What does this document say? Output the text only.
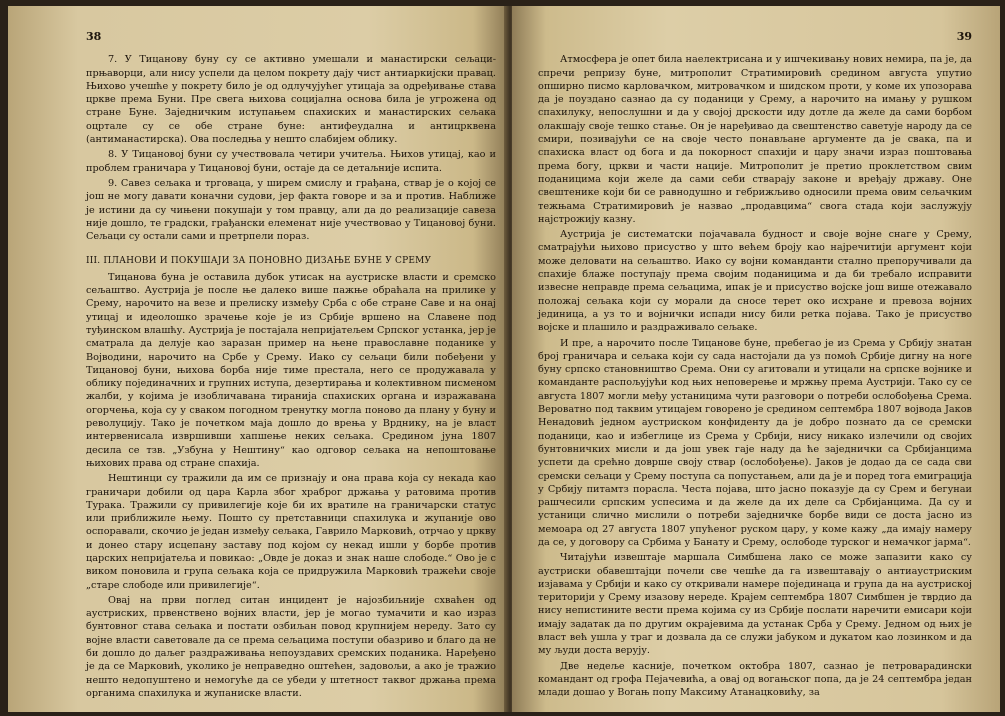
38

7. У Тицановy буну су се активно умешали и манастирски сељаци-прњаворци, али нису успели да целом покрету дају чист антиаркијски правац. Њихово учешће у покрету било је од одлучујућег утицаја за одређивање става цркве према Буни. Пре свега њихова социјална основа била је угрожена од стране Буне. Заједничким иступањем спахиских и манастирских сељака оцртале су се обе стране буне: антифеудална и антицрквена (антиманастирска). Ова последња у нешто слабијем облику.

8. У Тицановој буни су учествовала четири учитеља. Њихов утицај, као и проблем граничара у Тицановој буни, остаје да се детаљније испита.

9. Савез сељака и трговаца, у ширем смислу и грађана, ствар је о којој се још не могу давати коначни судови, јер факта говоре и за и против. Наближе је истини да су чињени покушаји у том правцу, али да до реализације савеза није дошло, те градски, грађански елеменат није учествовао у Тицановој буни. Сељаци су остали сами и претрпели пораз.

III. ПЛАНОВИ И ПОКУШАЈИ ЗА ПОНОВНО ДИЗАЊЕ БУНЕ У СРЕМУ

Тицанова буна је оставила дубок утисак на аустриске власти и сремско сељаштво. Аустрија је после ње далеко више пажње обраћала на прилике у Срему, нарочито на везе и прелиску између Срба с обе стране Саве и на онај утицај и идеолошко зрачење које је из Србије вршено на Славене под туђинском влашћу. Аустрија је постајала непријатељем Српског устанка, јер је сматрала да делује као заразан пример на њене православне поданике у Војводини, нарочито на Србе у Срему. Иако су сељаци били побеђени у Тицановој буни, њихова борба није тиме престала, него се продужавала у облику појединачних и групних иступа, дезертирања и колективном писменом жалби, у којима је изобличавана тиранија спахиских органа и изражавана огорчења, која су у сваком погодном тренутку могла поново да плану у буну и револуцију. Тако је почетком маја дошло до врења у Врднику, на је власт интервенисала извршивши хапшење неких сељака. Средином јуна 1807 десила се тзв. „Узбуна у Нештину“ као одговор сељака на непоштовање њихових права од стране спахија.

Нештинци су тражили да им се признају и она права која су некада као граничари добили од цара Карла због храброг држања у ратовима против Турака. Тражили су привилегије које би их вратиле на граничарски статус или приближиле њему. Пошто су претставници спахилука и жупаније ово оспоравали, скочио је један између сељака, Гаврило Марковић, отрчао у цркву и донео стару исцепану заставу под којом су некад ишли у борбе против царских непријатеља и повикао: „Овде је доказ и знак наше слободе.“ Ово је с виком поновила и група сељака која се придружила Марковић тражећи своје „старе слободе или привилегије“.

Овај на први поглед ситан инцидент је најозбиљније схваћен од аустриских, првенствено војних власти, јер је могао тумачити и као израз бунтовног става сељака и постати озбиљан повод крупнијем нереду. Зато су војне власти саветовале да се према сељацима поступи обазриво и благо да не би дошло до даљег раздраживања непоуздавих сремских поданика. Наређено је да се Марковић, уколико је неправедно оштећен, задовољи, а ако је тражио нешто недопуштено и немогуће да се убеди у штетност таквог држања према органима спахилука и жупаниске власти.

39

Атмосфера је опет била наелектрисана и у ишчекивању нових немира, па је, да спречи репризу буне, митрополит Стратимировић средином августа упутио опширно писмо карловачком, митровачком и шидском проти, у коме их упозорава да је поуздано сазнао да су поданици у Срему, а нарочито на имању у рушком спахилуку, непослушни и да у својој дрскости иду дотле да желе да сами борбом олакшају своје тешко стање. Он је наређивао да свештенство саветује народу да се смири, позивајући се на своје често понављане аргументе да је свака, па и спахиска власт од бога и да покорност спахији и цару значи израз поштовања према богу, цркви и части нације. Митрополит је претио проклетством свим поданицима који желе да сами себи стварају законе и вређају државу. Оне свештенике који би се равнодушно и гебрижљиво односили према овим сељачким тежњама Стратимировић је назвао „продавцима“ свога стада који заслужују најстрожију казну.

Аустрија је систематски појачавала будност и своје војне снаге у Срему, сматрајући њихово присуство у што већем броју као најречитији аргумент који може деловати на сељаштво. Иако су војни команданти стално препоручивали да спахије блаже поступају према својим поданицима и да би требало исправити извесне неправде према сељацима, ипак је и присуство војске још више отежавало положај сељака који су морали да сносе терет око исхране и превоза војних јединица, а уз то и војнички испади нису били ретка појава. Тако је присуство војске и плашило и раздраживало сељаке.

И пре, а нарочито после Тицанове буне, пребегао је из Срема у Србију знатан број граничара и сељака који су сада настојали да уз помоћ Србије дигну на ноге буну српско становништво Срема. Они су агитовали и утицали на српске војнике и команданте распољујући код њих неповерење и мржњу према Аустрији. Тако су се августа 1807 могли међу устаницима чути разговори о потреби ослобођења Срема. Вероватно под таквим утицајем говорено је средином септембра 1807 војвода Јаков Ненадовић једном аустриском конфиденту да је добро познато да се сремски поданици, као и избеглице из Срема у Србији, нису никако излечили од својих бунтовничких мисли и да још увек гаје наду да ће заједнички са Србијанцима успети да срећно доврше своју ствар (ослобођење). Јаков је додао да се сада сви сремски сељаци у Срему поступа са попустањем, али да је и поред тога емиграција у Србију питамтз порасла. Честа појава, што јасно показује да су Срем и бегунаи рашчесили српским успесима и да желе да их деле са Србијанцима. Да су и устаници слично мислили о потреби заједничке борбе види се доста јасно из мемоара од 27 августа 1807 упућеног руском цару, у коме кажу „да имају намеру да се, у договору са Србима у Банату и Срему, ослободе турског и немачког јарма“.

Читајући извештаје маршала Симбшена лако се може запазити како су аустриски обавештајци почели све чешће да га извештавају о антиаустриским изјавама у Србији и како су откривали намере појединаца и група да на аустриској територији у Срему изазову нереде. Крајем септембра 1807 Симбшен је тврдио да нису непистините вести према којима су из Србије послати наречити емисари који имају задатак да по другим окрајевима да устанак Срба у Срему. Једном од њих је власт већ ушла у траг и дозвала да се служи јабуком и дукатом као лозинком и да му људи доста верују.

Две недеље касније, почетком октобра 1807, сазнао је петроварадински командант од грофа Пејачевића, а овај од вогањског попа, да је 24 септембра један млади дошао у Вогањ попу Максиму Атанацковићу, за
